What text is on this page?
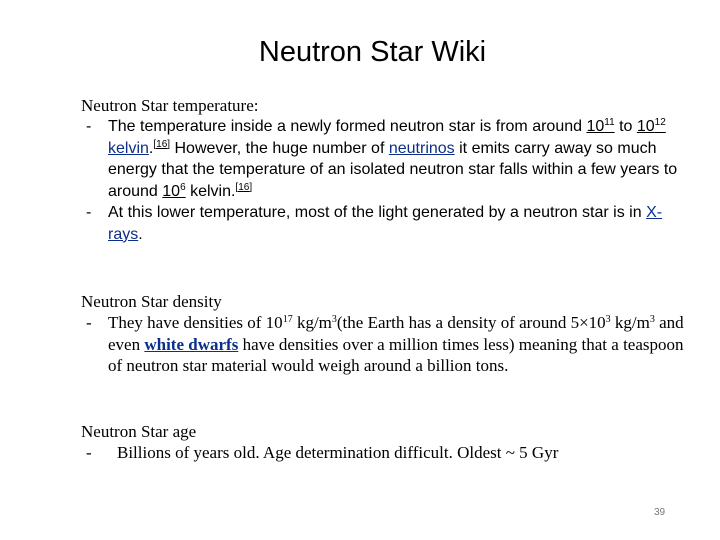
Neutron Star Wiki
Neutron Star temperature:
- The temperature inside a newly formed neutron star is from around $10^{11}$ to $10^{12}$ kelvin.[16] However, the huge number of neutrinos it emits carry away so much energy that the temperature of an isolated neutron star falls within a few years to around $10^6$ kelvin.[16]
- At this lower temperature, most of the light generated by a neutron star is in X-rays.
Neutron Star density
- They have densities of $10^{17}$ $kg/m^3(the$ Earth has a density of around $5\times 10^3$ $kg/m^3$ and even white dwarfs have densities over a million times less) meaning that a teaspoon of neutron star material would weigh around a billion tons.
Neutron Star age
- Billions of years old. Age determination difficult. Oldest ~ 5 Gyr
39
